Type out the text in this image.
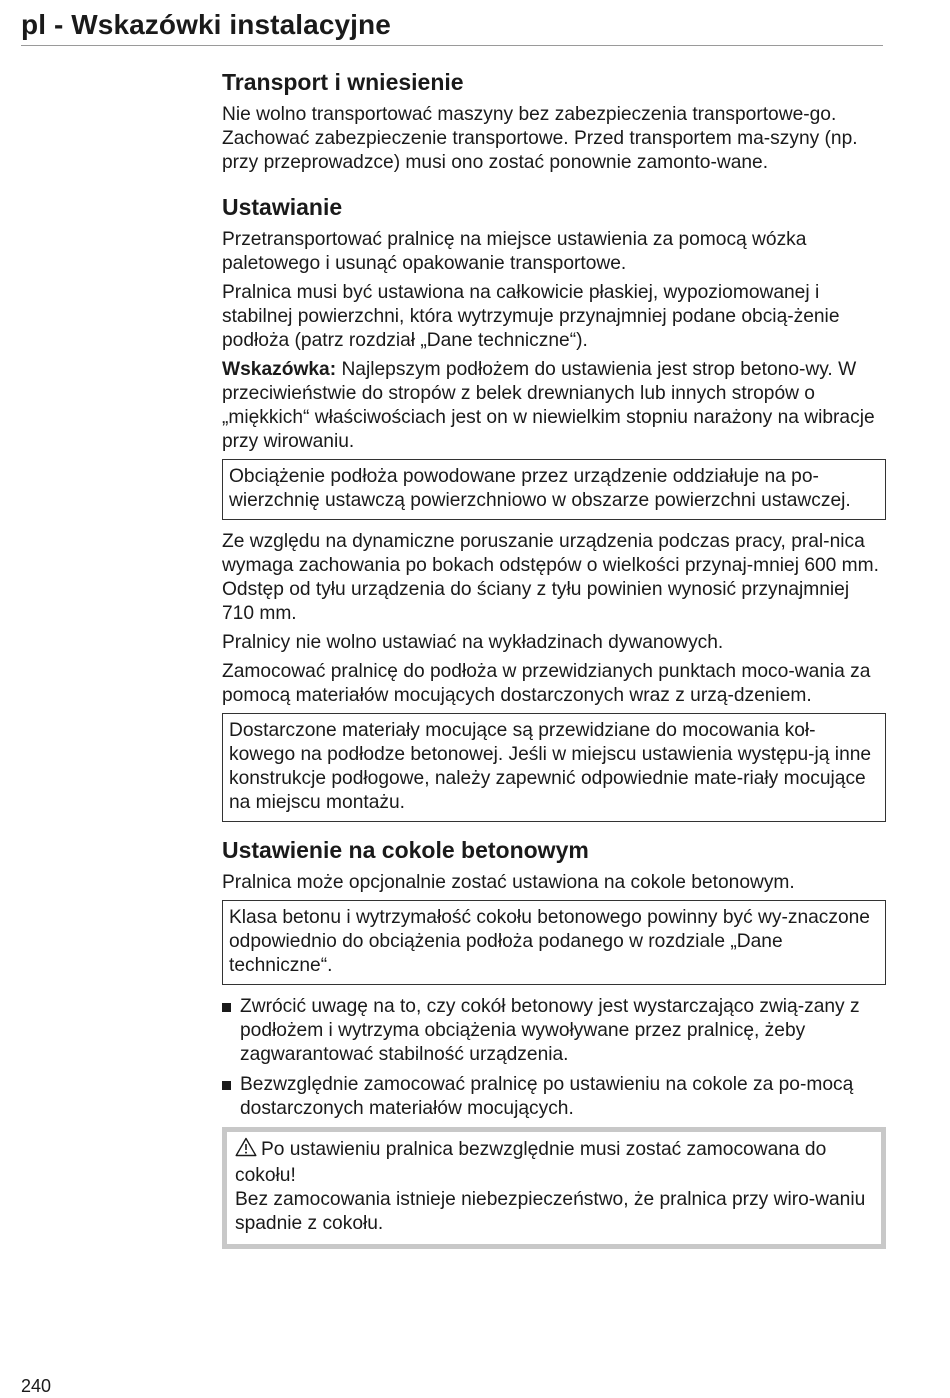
pl - Wskazówki instalacyjne
Transport i wniesienie

Nie wolno transportować maszyny bez zabezpieczenia transportowe-go. Zachować zabezpieczenie transportowe. Przed transportem ma-szyny (np. przy przeprowadzce) musi ono zostać ponownie zamonto-wane.

Ustawianie

Przetransportować pralnicę na miejsce ustawienia za pomocą wózka paletowego i usunąć opakowanie transportowe.

Pralnica musi być ustawiona na całkowicie płaskiej, wypoziomowanej i stabilnej powierzchni, która wytrzymuje przynajmniej podane obcią-żenie podłoża (patrz rozdział „Dane techniczne“).

Wskazówka: Najlepszym podłożem do ustawienia jest strop betono-wy. W przeciwieństwie do stropów z belek drewnianych lub innych stropów o „miękkich“ właściwościach jest on w niewielkim stopniu narażony na wibracje przy wirowaniu.

Obciążenie podłoża powodowane przez urządzenie oddziałuje na po-wierzchnię ustawczą powierzchniowo w obszarze powierzchni ustawczej.

Ze względu na dynamiczne poruszanie urządzenia podczas pracy, pral-nica wymaga zachowania po bokach odstępów o wielkości przynaj-mniej 600 mm. Odstęp od tyłu urządzenia do ściany z tyłu powinien wynosić przynajmniej 710 mm.

Pralnicy nie wolno ustawiać na wykładzinach dywanowych.

Zamocować pralnicę do podłoża w przewidzianych punktach moco-wania za pomocą materiałów mocujących dostarczonych wraz z urzą-dzeniem.

Dostarczone materiały mocujące są przewidziane do mocowania koł-kowego na podłodze betonowej. Jeśli w miejscu ustawienia występu-ją inne konstrukcje podłogowe, należy zapewnić odpowiednie mate-riały mocujące na miejscu montażu.
Ustawienie na cokole betonowym

Pralnica może opcjonalnie zostać ustawiona na cokole betonowym.

Klasa betonu i wytrzymałość cokołu betonowego powinny być wy-znaczone odpowiednio do obciążenia podłoża podanego w rozdziale „Dane techniczne“.
Zwrócić uwagę na to, czy cokół betonowy jest wystarczająco zwią-zany z podłożem i wytrzyma obciążenia wywoływane przez pralnicę, żeby zagwarantować stabilność urządzenia.
Bezwzględnie zamocować pralnicę po ustawieniu na cokole za po-mocą dostarczonych materiałów mocujących.
Po ustawieniu pralnica bezwzględnie musi zostać zamocowana do cokołu!
Bez zamocowania istnieje niebezpieczeństwo, że pralnica przy wiro-waniu spadnie z cokołu.
240
